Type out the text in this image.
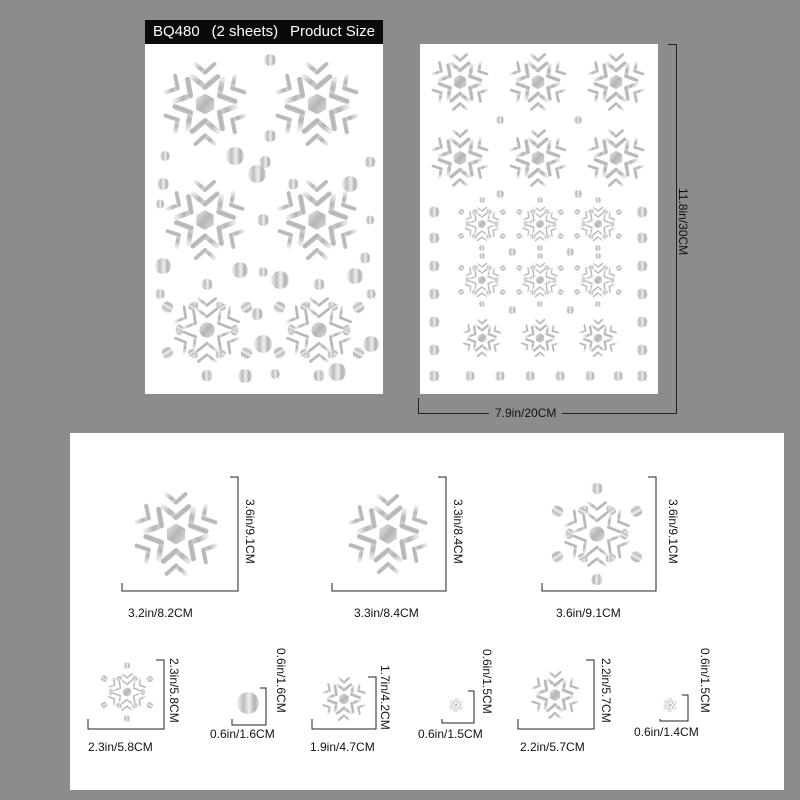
BQ480 (2 sheets) Product Size
11.8in/30CM
7.9in/20CM
3.6in/9.1CM
3.2in/8.2CM
3.3in/8.4CM
3.3in/8.4CM
3.6in/9.1CM
3.6in/9.1CM
2.3in/5.8CM
2.3in/5.8CM
0.6in/1.6CM
0.6in/1.6CM
1.7in/4.2CM
1.9in/4.7CM
0.6in/1.5CM
0.6in/1.5CM
2.2in/5.7CM
2.2in/5.7CM
0.6in/1.5CM
0.6in/1.4CM
